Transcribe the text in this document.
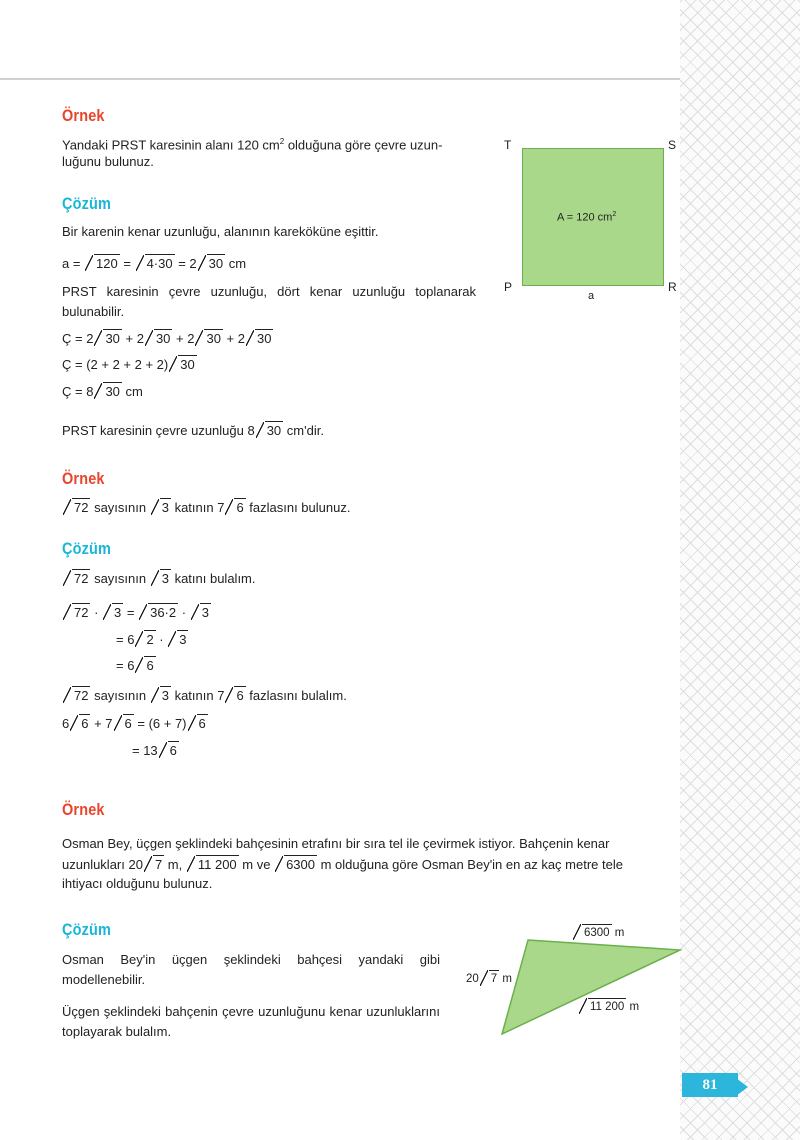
Örnek
Yandaki PRST karesinin alanı 120 $cm^2$ olduğuna göre çevre uzun-
luğunu bulunuz.
Çözüm
Bir karenin kenar uzunluğu, alanının kareköküne eşittir.
a = 120 = 4·30 = 2 30 cm
PRST karesinin çevre uzunluğu, dört kenar uzunluğu toplanarak bulunabilir.
Ç = 2 30 + 2 30 + 2 30 + 2 30
Ç = (2 + 2 + 2 + 2) 30
Ç = 8 30 cm
PRST karesinin çevre uzunluğu 8 30 cm'dir.
T	S
P	R
a
A = 120 $cm^2$
Örnek
72 sayısının 3 katının 7 6 fazlasını bulunuz.
Çözüm
72 sayısının 3 katını bulalım.
72 · 3 = 36·2 · 3
= 6 2 · 3
= 6 6
72 sayısının 3 katının 7 6 fazlasını bulalım.
6 6 + 7 6 = (6 + 7) 6
= 13 6
Örnek
Osman Bey, üçgen şeklindeki bahçesinin etrafını bir sıra tel ile çevirmek istiyor. Bahçenin kenar
uzunlukları 20 7 m, 11 200 m ve 6300 m olduğuna göre Osman Bey'in en az kaç metre tele
ihtiyacı olduğunu bulunuz.
Çözüm
Osman Bey'in üçgen şeklindeki bahçesi yandaki gibi modellenebilir.
Üçgen şeklindeki bahçenin çevre uzunluğunu kenar uzunluklarını toplayarak bulalım.
6300 m
20 7 m
11 200 m
81
